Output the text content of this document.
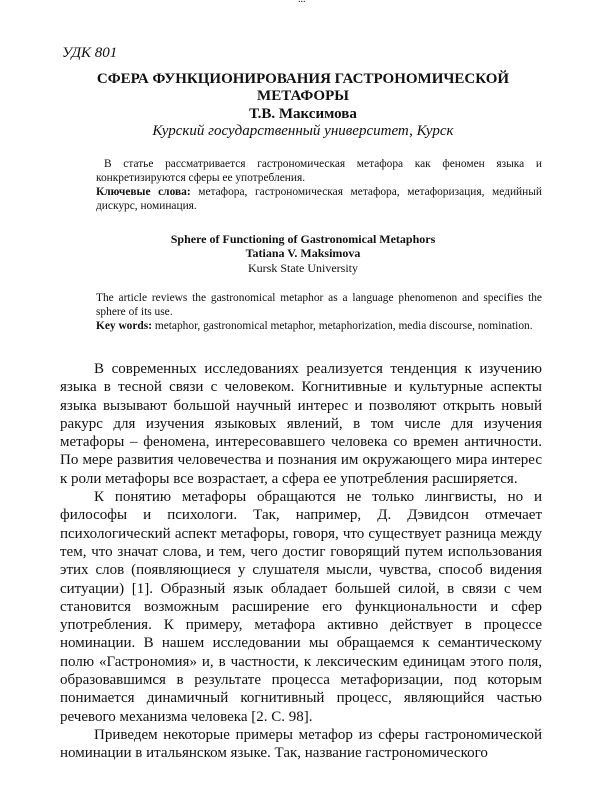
УДК 801
СФЕРА ФУНКЦИОНИРОВАНИЯ ГАСТРОНОМИЧЕСКОЙ МЕТАФОРЫ
Т.В. Максимова
Курский государственный университет, Курск

В статье рассматривается гастрономическая метафора как феномен языка и конкретизируются сферы ее употребления.

Ключевые слова: метафора, гастрономическая метафора, метафоризация, медийный дискурс, номинация.

Sphere of Functioning of Gastronomical Metaphors
Tatiana V. Maksimova
Kursk State University

The article reviews the gastronomical metaphor as a language phenomenon and specifies the sphere of its use.

Key words: metaphor, gastronomical metaphor, metaphorization, media discourse, nomination.

В современных исследованиях реализуется тенденция к изучению языка в тесной связи с человеком. Когнитивные и культурные аспекты языка вызывают большой научный интерес и позволяют открыть новый ракурс для изучения языковых явлений, в том числе для изучения метафоры – феномена, интересовавшего человека со времен античности. По мере развития человечества и познания им окружающего мира интерес к роли метафоры все возрастает, а сфера ее употребления расширяется.

К понятию метафоры обращаются не только лингвисты, но и философы и психологи. Так, например, Д. Дэвидсон отмечает психологический аспект метафоры, говоря, что существует разница между тем, что значат слова, и тем, чего достиг говорящий путем использования этих слов (появляющиеся у слушателя мысли, чувства, способ видения ситуации) [1]. Образный язык обладает большей силой, в связи с чем становится возможным расширение его функциональности и сфер употребления. К примеру, метафора активно действует в процессе номинации. В нашем исследовании мы обращаемся к семантическому полю «Гастрономия» и, в частности, к лексическим единицам этого поля, образовавшимся в результате процесса метафоризации, под которым понимается динамичный когнитивный процесс, являющийся частью речевого механизма человека [2. С. 98].

Приведем некоторые примеры метафор из сферы гастрономической номинации в итальянском языке. Так, название гастрономического
